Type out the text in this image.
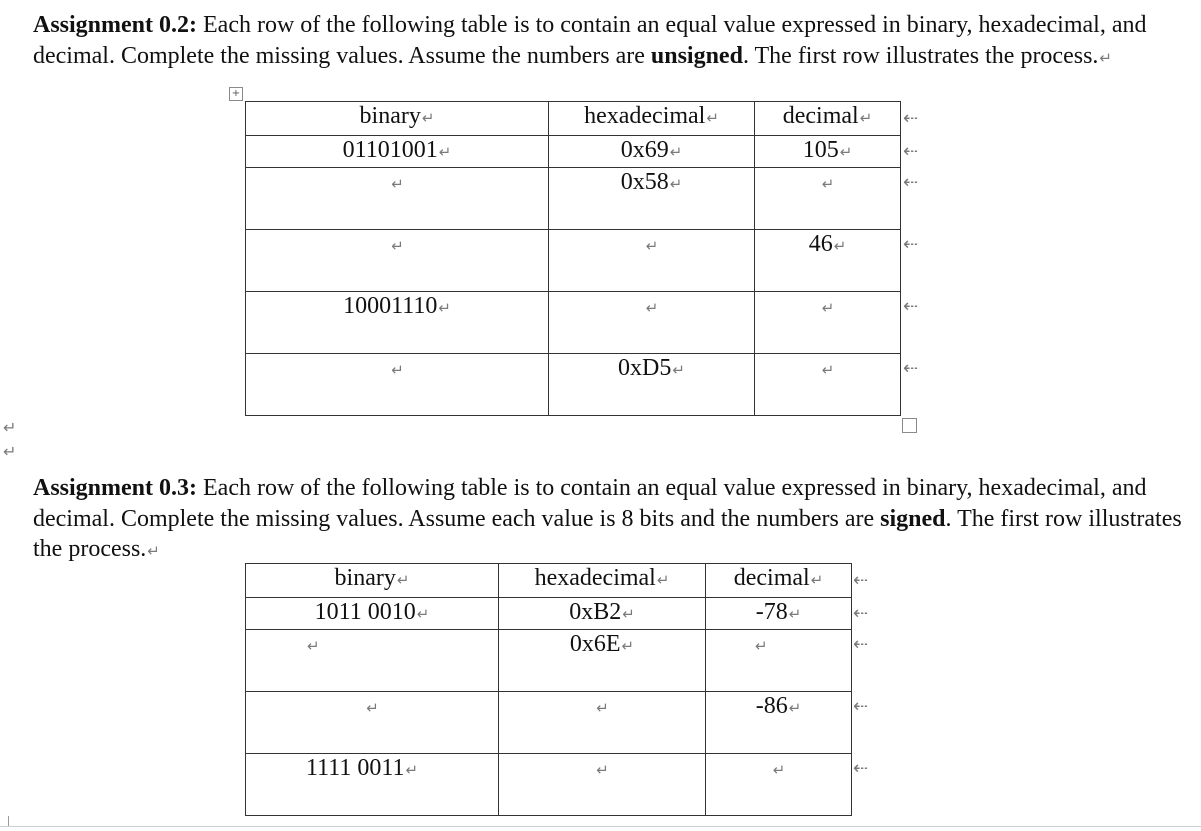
Assignment 0.2: Each row of the following table is to contain an equal value expressed in binary, hexadecimal, and decimal. Complete the missing values. Assume the numbers are unsigned. The first row illustrates the process.↵
+
binary↵	hexadecimal↵	decimal↵
01101001↵	0x69↵	105↵
↵	0x58↵	↵
↵	↵	46↵
10001110↵	↵	↵
↵	0xD5↵	↵
⇠
⇠
⇠
⇠
⇠
⇠
↵
↵
Assignment 0.3: Each row of the following table is to contain an equal value expressed in binary, hexadecimal, and decimal. Complete the missing values. Assume each value is 8 bits and the numbers are signed. The first row illustrates the process.↵
binary↵	hexadecimal↵	decimal↵
1011 0010↵	0xB2↵	-78↵
↵	0x6E↵	↵
↵	↵	-86↵
1111 0011↵	↵	↵
⇠
⇠
⇠
⇠
⇠
